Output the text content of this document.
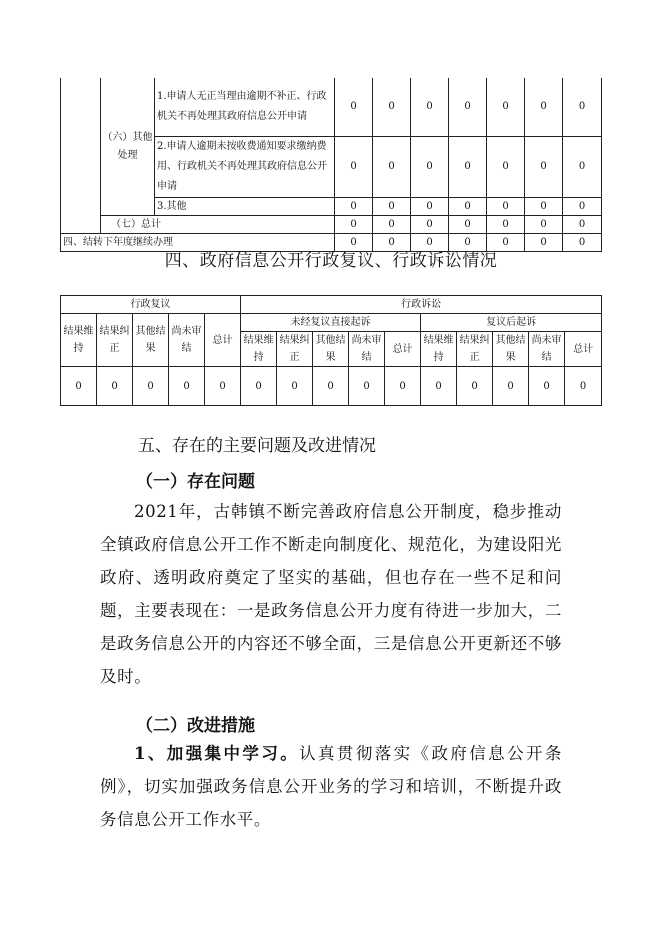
	（六）其他处理	1.申请人无正当理由逾期不补正、行政机关不再处理其政府信息公开申请	0	0	0	0	0	0	0
		2.申请人逾期未按收费通知要求缴纳费用、行政机关不再处理其政府信息公开申请	0	0	0	0	0	0	0
		3.其他	0	0	0	0	0	0	0
	（七）总计		0	0	0	0	0	0	0
四、结转下年度继续办理			0	0	0	0	0	0	0
四、政府信息公开行政复议、行政诉讼情况
行政复议					行政诉讼									
结果维持	结果纠正	其他结果	尚未审结	总计	未经复议直接起诉					复议后起诉				
					结果维持	结果纠正	其他结果	尚未审结	总计	结果维持	结果纠正	其他结果	尚未审结	总计
0	0	0	0	0	0	0	0	0	0	0	0	0	0	0
五、存在的主要问题及改进情况
（一）存在问题
2021年，古韩镇不断完善政府信息公开制度，稳步推动全镇政府信息公开工作不断走向制度化、规范化，为建设阳光政府、透明政府奠定了坚实的基础，但也存在一些不足和问题，主要表现在：一是政务信息公开力度有待进一步加大，二是政务信息公开的内容还不够全面，三是信息公开更新还不够及时。
（二）改进措施
1、加强集中学习。认真贯彻落实《政府信息公开条例》，切实加强政务信息公开业务的学习和培训，不断提升政务信息公开工作水平。
